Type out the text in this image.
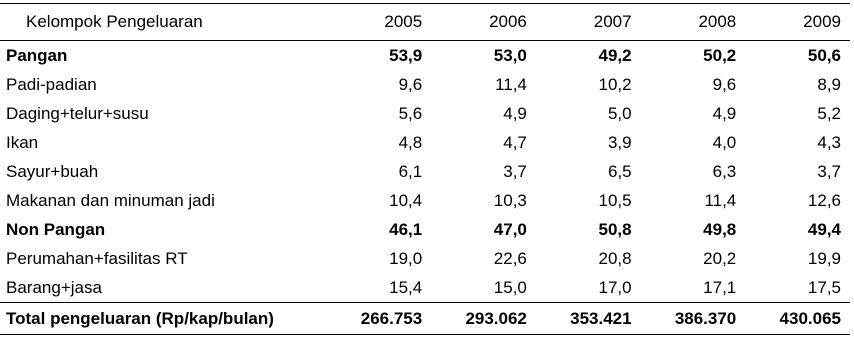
Kelompok Pengeluaran	2005	2006	2007	2008	2009
Pangan	53,9	53,0	49,2	50,2	50,6
Padi-padian	9,6	11,4	10,2	9,6	8,9
Daging+telur+susu	5,6	4,9	5,0	4,9	5,2
Ikan	4,8	4,7	3,9	4,0	4,3
Sayur+buah	6,1	3,7	6,5	6,3	3,7
Makanan dan minuman jadi	10,4	10,3	10,5	11,4	12,6
Non Pangan	46,1	47,0	50,8	49,8	49,4
Perumahan+fasilitas RT	19,0	22,6	20,8	20,2	19,9
Barang+jasa	15,4	15,0	17,0	17,1	17,5
Total pengeluaran (Rp/kap/bulan)	266.753	293.062	353.421	386.370	430.065
